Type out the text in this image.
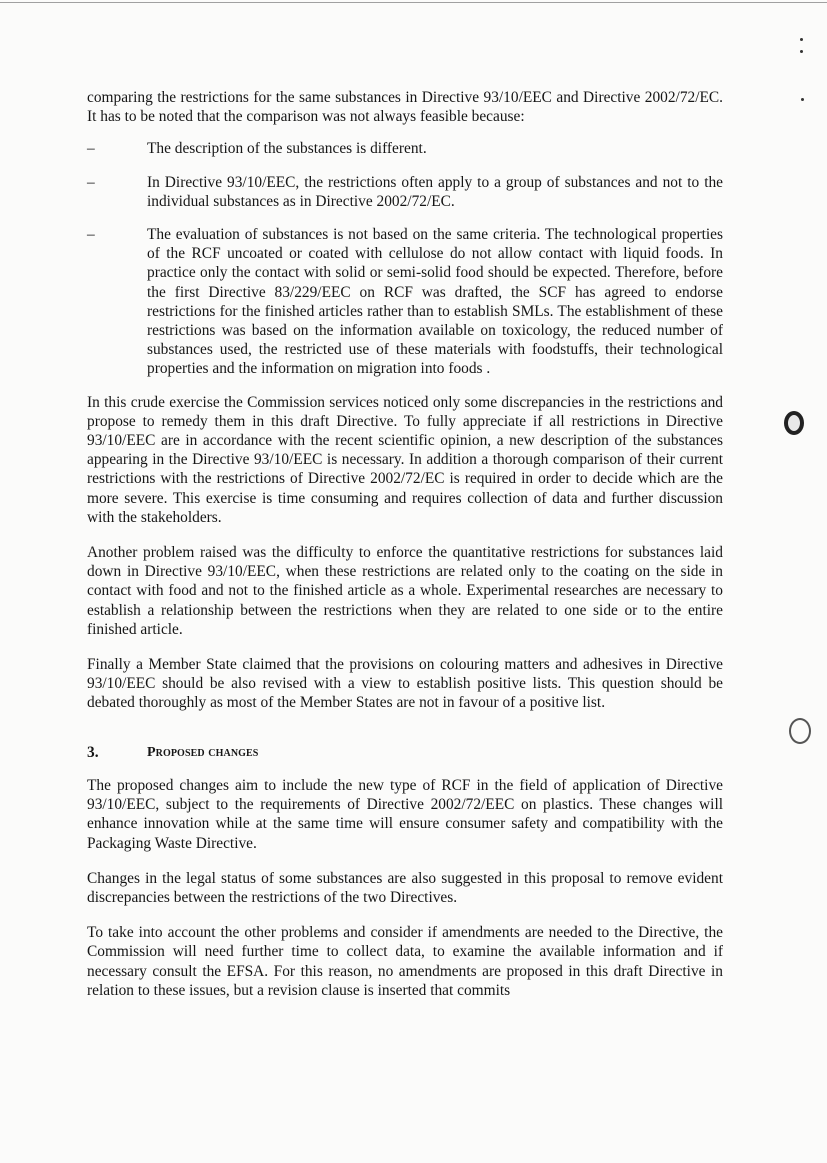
comparing the restrictions for the same substances in Directive 93/10/EEC and Directive 2002/72/EC. It has to be noted that the comparison was not always feasible because:

–	The description of the substances is different.
–	In Directive 93/10/EEC, the restrictions often apply to a group of substances and not to the individual substances as in Directive 2002/72/EC.
–	The evaluation of substances is not based on the same criteria. The technological properties of the RCF uncoated or coated with cellulose do not allow contact with liquid foods. In practice only the contact with solid or semi-solid food should be expected. Therefore, before the first Directive 83/229/EEC on RCF was drafted, the SCF has agreed to endorse restrictions for the finished articles rather than to establish SMLs. The establishment of these restrictions was based on the information available on toxicology, the reduced number of substances used, the restricted use of these materials with foodstuffs, their technological properties and the information on migration into foods .

In this crude exercise the Commission services noticed only some discrepancies in the restrictions and propose to remedy them in this draft Directive. To fully appreciate if all restrictions in Directive 93/10/EEC are in accordance with the recent scientific opinion, a new description of the substances appearing in the Directive 93/10/EEC is necessary. In addition a thorough comparison of their current restrictions with the restrictions of Directive 2002/72/EC is required in order to decide which are the more severe. This exercise is time consuming and requires collection of data and further discussion with the stakeholders.

Another problem raised was the difficulty to enforce the quantitative restrictions for substances laid down in Directive 93/10/EEC, when these restrictions are related only to the coating on the side in contact with food and not to the finished article as a whole. Experimental researches are necessary to establish a relationship between the restrictions when they are related to one side or to the entire finished article.

Finally a Member State claimed that the provisions on colouring matters and adhesives in Directive 93/10/EEC should be also revised with a view to establish positive lists. This question should be debated thoroughly as most of the Member States are not in favour of a positive list.

3.	Proposed changes

The proposed changes aim to include the new type of RCF in the field of application of Directive 93/10/EEC, subject to the requirements of Directive 2002/72/EEC on plastics. These changes will enhance innovation while at the same time will ensure consumer safety and compatibility with the Packaging Waste Directive.

Changes in the legal status of some substances are also suggested in this proposal to remove evident discrepancies between the restrictions of the two Directives.

To take into account the other problems and consider if amendments are needed to the Directive, the Commission will need further time to collect data, to examine the available information and if necessary consult the EFSA. For this reason, no amendments are proposed in this draft Directive in relation to these issues, but a revision clause is inserted that commits
